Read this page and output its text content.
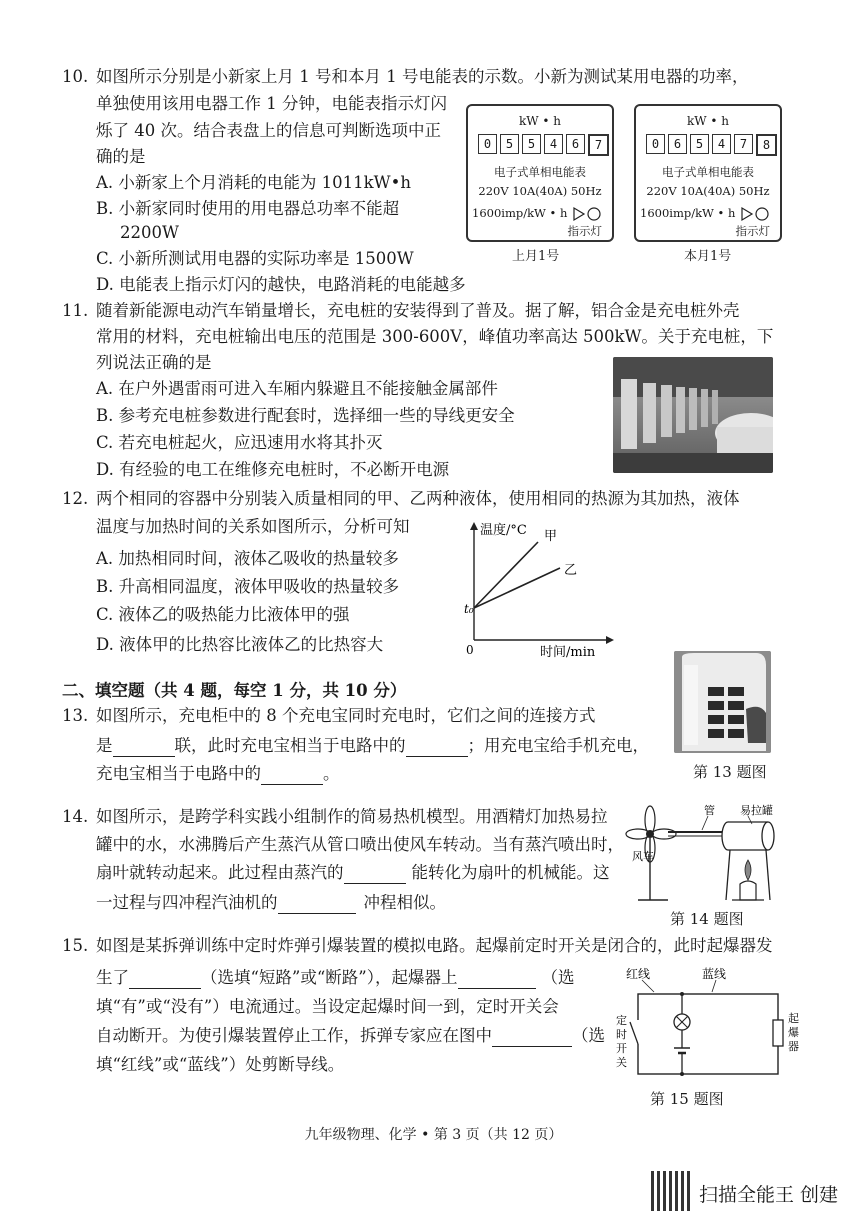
10. 如图所示分别是小新家上月 1 号和本月 1 号电能表的示数。小新为测试某用电器的功率，
单独使用该用电器工作 1 分钟，电能表指示灯闪
烁了 40 次。结合表盘上的信息可判断选项中正
确的是
A. 小新家上个月消耗的电能为 1011kW•h
B. 小新家同时使用的用电器总功率不能超
2200W
C. 小新所测试用电器的实际功率是 1500W
D. 电能表上指示灯闪的越快，电路消耗的电能越多
kW • h
0	5	5	4	6	7
电子式单相电能表
220V 10A(40A) 50Hz
1600imp/kW • h
指示灯
上月1号
kW • h
0	6	5	4	7	8
电子式单相电能表
220V 10A(40A) 50Hz
1600imp/kW • h
指示灯
本月1号
11. 随着新能源电动汽车销量增长，充电桩的安装得到了普及。据了解，铝合金是充电桩外壳
常用的材料，充电桩输出电压的范围是 300-600V，峰值功率高达 500kW。关于充电桩，下
列说法正确的是
A. 在户外遇雷雨可进入车厢内躲避且不能接触金属部件
B. 参考充电桩参数进行配套时，选择细一些的导线更安全
C. 若充电桩起火，应迅速用水将其扑灭
D. 有经验的电工在维修充电桩时，不必断开电源
12. 两个相同的容器中分别装入质量相同的甲、乙两种液体，使用相同的热源为其加热，液体
温度与加热时间的关系如图所示，分析可知
A. 加热相同时间，液体乙吸收的热量较多
B. 升高相同温度，液体甲吸收的热量较多
C. 液体乙的吸热能力比液体甲的强
D. 液体甲的比热容比液体乙的比热容大
温度/°C 甲
乙
t₀
0	时间/min
二、填空题（共 4 题，每空 1 分，共 10 分）
13. 如图所示，充电柜中的 8 个充电宝同时充电时，它们之间的连接方式
是	联，此时充电宝相当于电路中的	；用充电宝给手机充电，
充电宝相当于电路中的	。	第 13 题图
14. 如图所示，是跨学科实践小组制作的简易热机模型。用酒精灯加热易拉
罐中的水，水沸腾后产生蒸汽从管口喷出使风车转动。当有蒸汽喷出时，
扇叶就转动起来。此过程由蒸汽的	能转化为扇叶的机械能。这
一过程与四冲程汽油机的	冲程相似。
风车
管 易拉罐
第 14 题图
15. 如图是某拆弹训练中定时炸弹引爆装置的模拟电路。起爆前定时开关是闭合的，此时起爆器发
生了	（选填“短路”或“断路”），起爆器上	（选
填“有”或“没有”）电流通过。当设定起爆时间一到，定时开关会
自动断开。为使引爆装置停止工作，拆弹专家应在图中	（选
填“红线”或“蓝线”）处剪断导线。
红线	蓝线
定
时
开
关
起
爆
器
第 15 题图
九年级物理、化学 • 第 3 页（共 12 页）
扫描全能王 创建
